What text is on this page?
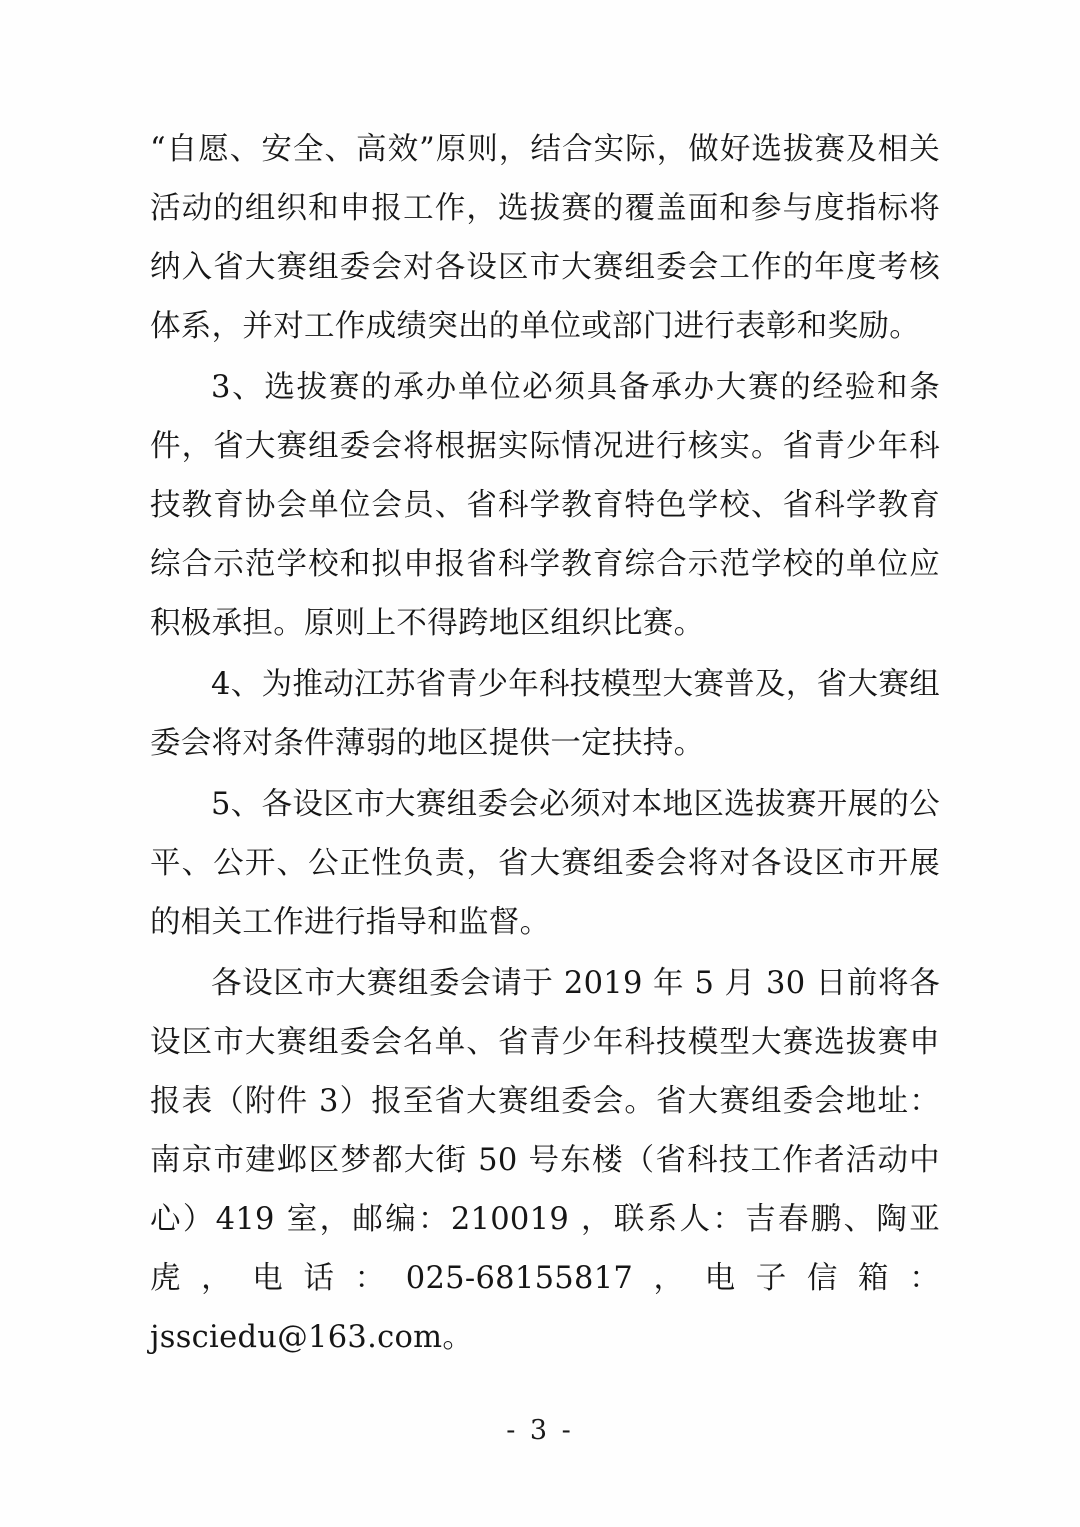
“自愿、安全、高效”原则，结合实际，做好选拔赛及相关活动的组织和申报工作，选拔赛的覆盖面和参与度指标将纳入省大赛组委会对各设区市大赛组委会工作的年度考核体系，并对工作成绩突出的单位或部门进行表彰和奖励。

3、选拔赛的承办单位必须具备承办大赛的经验和条件，省大赛组委会将根据实际情况进行核实。省青少年科技教育协会单位会员、省科学教育特色学校、省科学教育综合示范学校和拟申报省科学教育综合示范学校的单位应积极承担。原则上不得跨地区组织比赛。

4、为推动江苏省青少年科技模型大赛普及，省大赛组委会将对条件薄弱的地区提供一定扶持。

5、各设区市大赛组委会必须对本地区选拔赛开展的公平、公开、公正性负责，省大赛组委会将对各设区市开展的相关工作进行指导和监督。

各设区市大赛组委会请于 2019 年 5 月 30 日前将各设区市大赛组委会名单、省青少年科技模型大赛选拔赛申报表（附件 3）报至省大赛组委会。省大赛组委会地址：南京市建邺区梦都大街 50 号东楼（省科技工作者活动中心）419 室，邮编：210019 ，联系人：吉春鹏、陶亚虎，电话：025-68155817，电子信箱：jssciedu@163.com。

- 3 -
